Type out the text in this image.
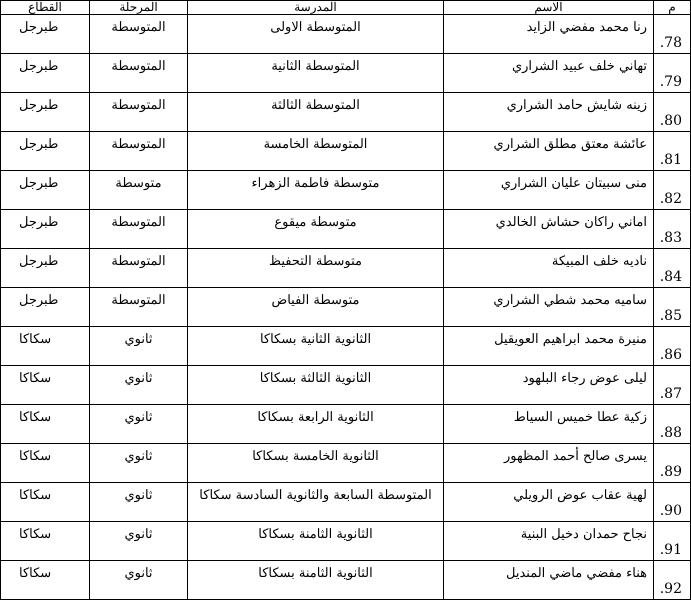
م	الاسم	المدرسة	المرحلة	القطاع

.78	رنا محمد مفضي الزايد	المتوسطة الاولى	المتوسطة	طبرجل

.79	تهاني خلف عبيد الشراري	المتوسطة الثانية	المتوسطة	طبرجل

.80	زينه شايش حامد الشراري	المتوسطة الثالثة	المتوسطة	طبرجل

.81	عائشة معتق مطلق الشراري	المتوسطة الخامسة	المتوسطة	طبرجل

.82	منى سبيتان عليان الشراري	متوسطة فاطمة الزهراء	متوسطة	طبرجل

.83	اماني راكان حشاش الخالدي	متوسطة ميقوع	المتوسطة	طبرجل

.84	ناديه خلف المبيكة	متوسطة التحفيظ	المتوسطة	طبرجل

.85	ساميه محمد شطي الشراري	متوسطة الفياض	المتوسطة	طبرجل

.86	منيرة محمد ابراهيم العويقيل	الثانوية الثانية بسكاكا	ثانوي	سكاكا

.87	ليلى عوض رجاء البلهود	الثانوية الثالثة بسكاكا	ثانوي	سكاكا

.88	زكية عطا خميس السياط	الثانوية الرابعة بسكاكا	ثانوي	سكاكا

.89	يسرى صالح أحمد المظهور	الثانوية الخامسة بسكاكا	ثانوي	سكاكا

.90	لهية عقاب عوض الرويلي	المتوسطة السابعة والثانوية السادسة سكاكا	ثانوي	سكاكا

.91	نجاح حمدان دخيل البنية	الثانوية الثامنة بسكاكا	ثانوي	سكاكا

.92	هناء مفضي ماضي المنديل	الثانوية الثامنة بسكاكا	ثانوي	سكاكا
